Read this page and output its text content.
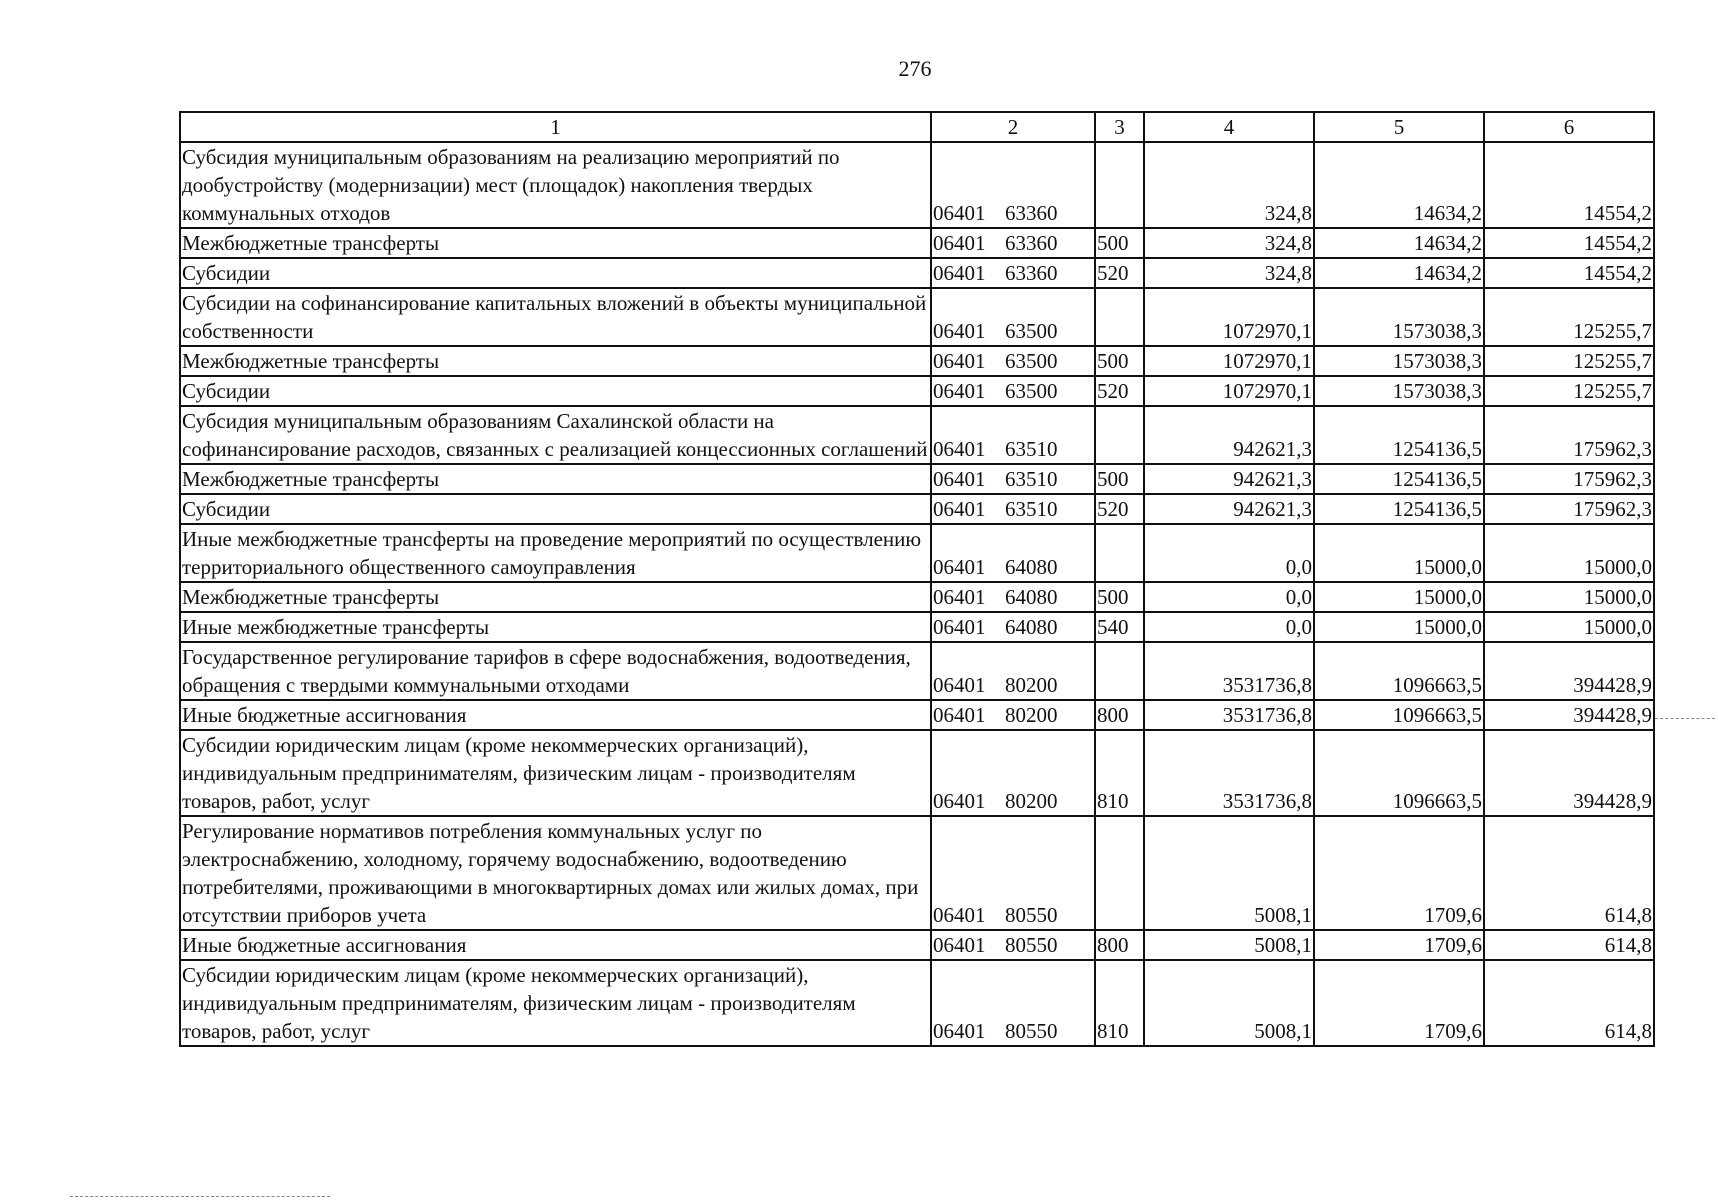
276
1	2	3	4	5	6
Субсидия муниципальным образованиям на реализацию мероприятий по дообустройству (модернизации) мест (площадок) накопления твердых коммунальных отходов	06401 63360		324,8	14634,2	14554,2
Межбюджетные трансферты	06401 63360	500	324,8	14634,2	14554,2
Субсидии	06401 63360	520	324,8	14634,2	14554,2
Субсидии на софинансирование капитальных вложений в объекты муниципальной собственности	06401 63500		1072970,1	1573038,3	125255,7
Межбюджетные трансферты	06401 63500	500	1072970,1	1573038,3	125255,7
Субсидии	06401 63500	520	1072970,1	1573038,3	125255,7
Субсидия муниципальным образованиям Сахалинской области на софинансирование расходов, связанных с реализацией концессионных соглашений	06401 63510		942621,3	1254136,5	175962,3
Межбюджетные трансферты	06401 63510	500	942621,3	1254136,5	175962,3
Субсидии	06401 63510	520	942621,3	1254136,5	175962,3
Иные межбюджетные трансферты на проведение мероприятий по осуществлению территориального общественного самоуправления	06401 64080		0,0	15000,0	15000,0
Межбюджетные трансферты	06401 64080	500	0,0	15000,0	15000,0
Иные межбюджетные трансферты	06401 64080	540	0,0	15000,0	15000,0
Государственное регулирование тарифов в сфере водоснабжения, водоотведения, обращения с твердыми коммунальными отходами	06401 80200		3531736,8	1096663,5	394428,9
Иные бюджетные ассигнования	06401 80200	800	3531736,8	1096663,5	394428,9
Субсидии юридическим лицам (кроме некоммерческих организаций), индивидуальным предпринимателям, физическим лицам - производителям товаров, работ, услуг	06401 80200	810	3531736,8	1096663,5	394428,9
Регулирование нормативов потребления коммунальных услуг по электроснабжению, холодному, горячему водоснабжению, водоотведению потребителями, проживающими в многоквартирных домах или жилых домах, при отсутствии приборов учета	06401 80550		5008,1	1709,6	614,8
Иные бюджетные ассигнования	06401 80550	800	5008,1	1709,6	614,8
Субсидии юридическим лицам (кроме некоммерческих организаций), индивидуальным предпринимателям, физическим лицам - производителям товаров, работ, услуг	06401 80550	810	5008,1	1709,6	614,8
